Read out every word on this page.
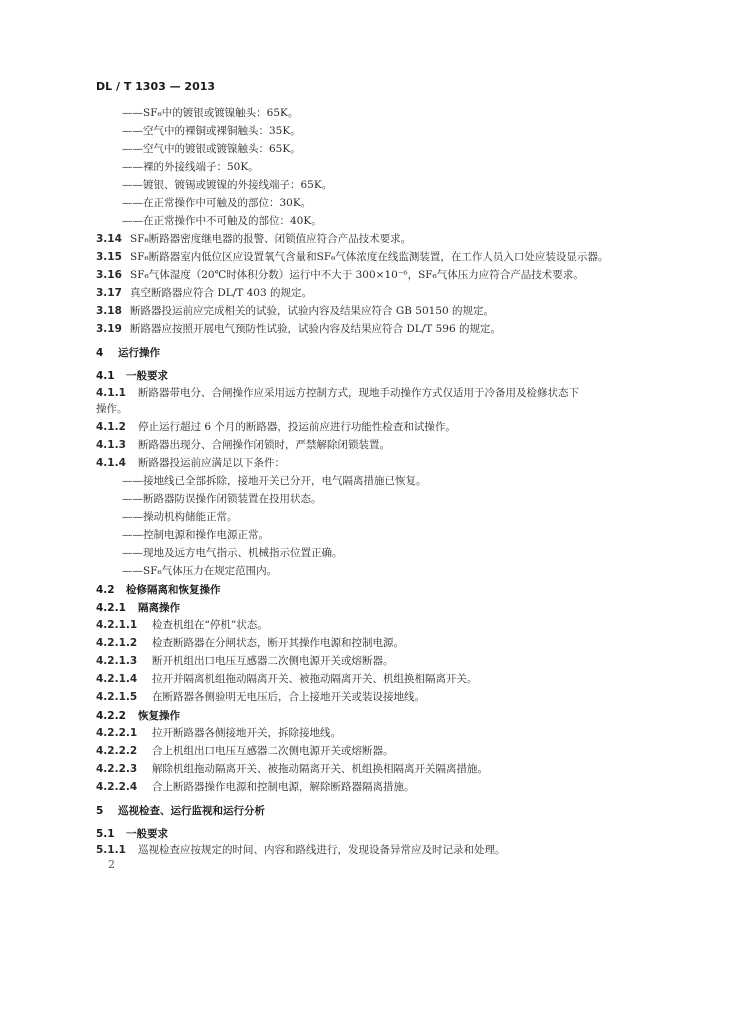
DL / T 1303 — 2013
——SF₆中的镀银或镀镍触头：65K。
——空气中的裸铜或裸铜触头：35K。
——空气中的镀银或镀镍触头：65K。
——裸的外接线端子：50K。
——镀银、镀锡或镀镍的外接线端子：65K。
——在正常操作中可触及的部位：30K。
——在正常操作中不可触及的部位：40K。
3.14 SF₆断路器密度继电器的报警、闭锁值应符合产品技术要求。
3.15 SF₆断路器室内低位区应设置氧气含量和SF₆气体浓度在线监测装置，在工作人员入口处应装设显示器。
3.16 SF₆气体湿度（20℃时体积分数）运行中不大于 300×10⁻⁶，SF₆气体压力应符合产品技术要求。
3.17 真空断路器应符合 DL/T 403 的规定。
3.18 断路器投运前应完成相关的试验，试验内容及结果应符合 GB 50150 的规定。
3.19 断路器应按照开展电气预防性试验，试验内容及结果应符合 DL/T 596 的规定。
4 运行操作
4.1 一般要求
4.1.1 断路器带电分、合闸操作应采用远方控制方式，现地手动操作方式仅适用于冷备用及检修状态下
操作。
4.1.2 停止运行超过 6 个月的断路器，投运前应进行功能性检查和试操作。
4.1.3 断路器出现分、合闸操作闭锁时，严禁解除闭锁装置。
4.1.4 断路器投运前应满足以下条件：
——接地线已全部拆除，接地开关已分开，电气隔离措施已恢复。
——断路器防误操作闭锁装置在投用状态。
——操动机构储能正常。
——控制电源和操作电源正常。
——现地及远方电气指示、机械指示位置正确。
——SF₆气体压力在规定范围内。
4.2 检修隔离和恢复操作
4.2.1 隔离操作
4.2.1.1 检查机组在“停机”状态。
4.2.1.2 检查断路器在分闸状态，断开其操作电源和控制电源。
4.2.1.3 断开机组出口电压互感器二次侧电源开关或熔断器。
4.2.1.4 拉开并隔离机组拖动隔离开关、被拖动隔离开关、机组换相隔离开关。
4.2.1.5 在断路器各侧验明无电压后，合上接地开关或装设接地线。
4.2.2 恢复操作
4.2.2.1 拉开断路器各侧接地开关，拆除接地线。
4.2.2.2 合上机组出口电压互感器二次侧电源开关或熔断器。
4.2.2.3 解除机组拖动隔离开关、被拖动隔离开关、机组换相隔离开关隔离措施。
4.2.2.4 合上断路器操作电源和控制电源，解除断路器隔离措施。
5 巡视检查、运行监视和运行分析
5.1 一般要求
5.1.1 巡视检查应按规定的时间、内容和路线进行，发现设备异常应及时记录和处理。
2
